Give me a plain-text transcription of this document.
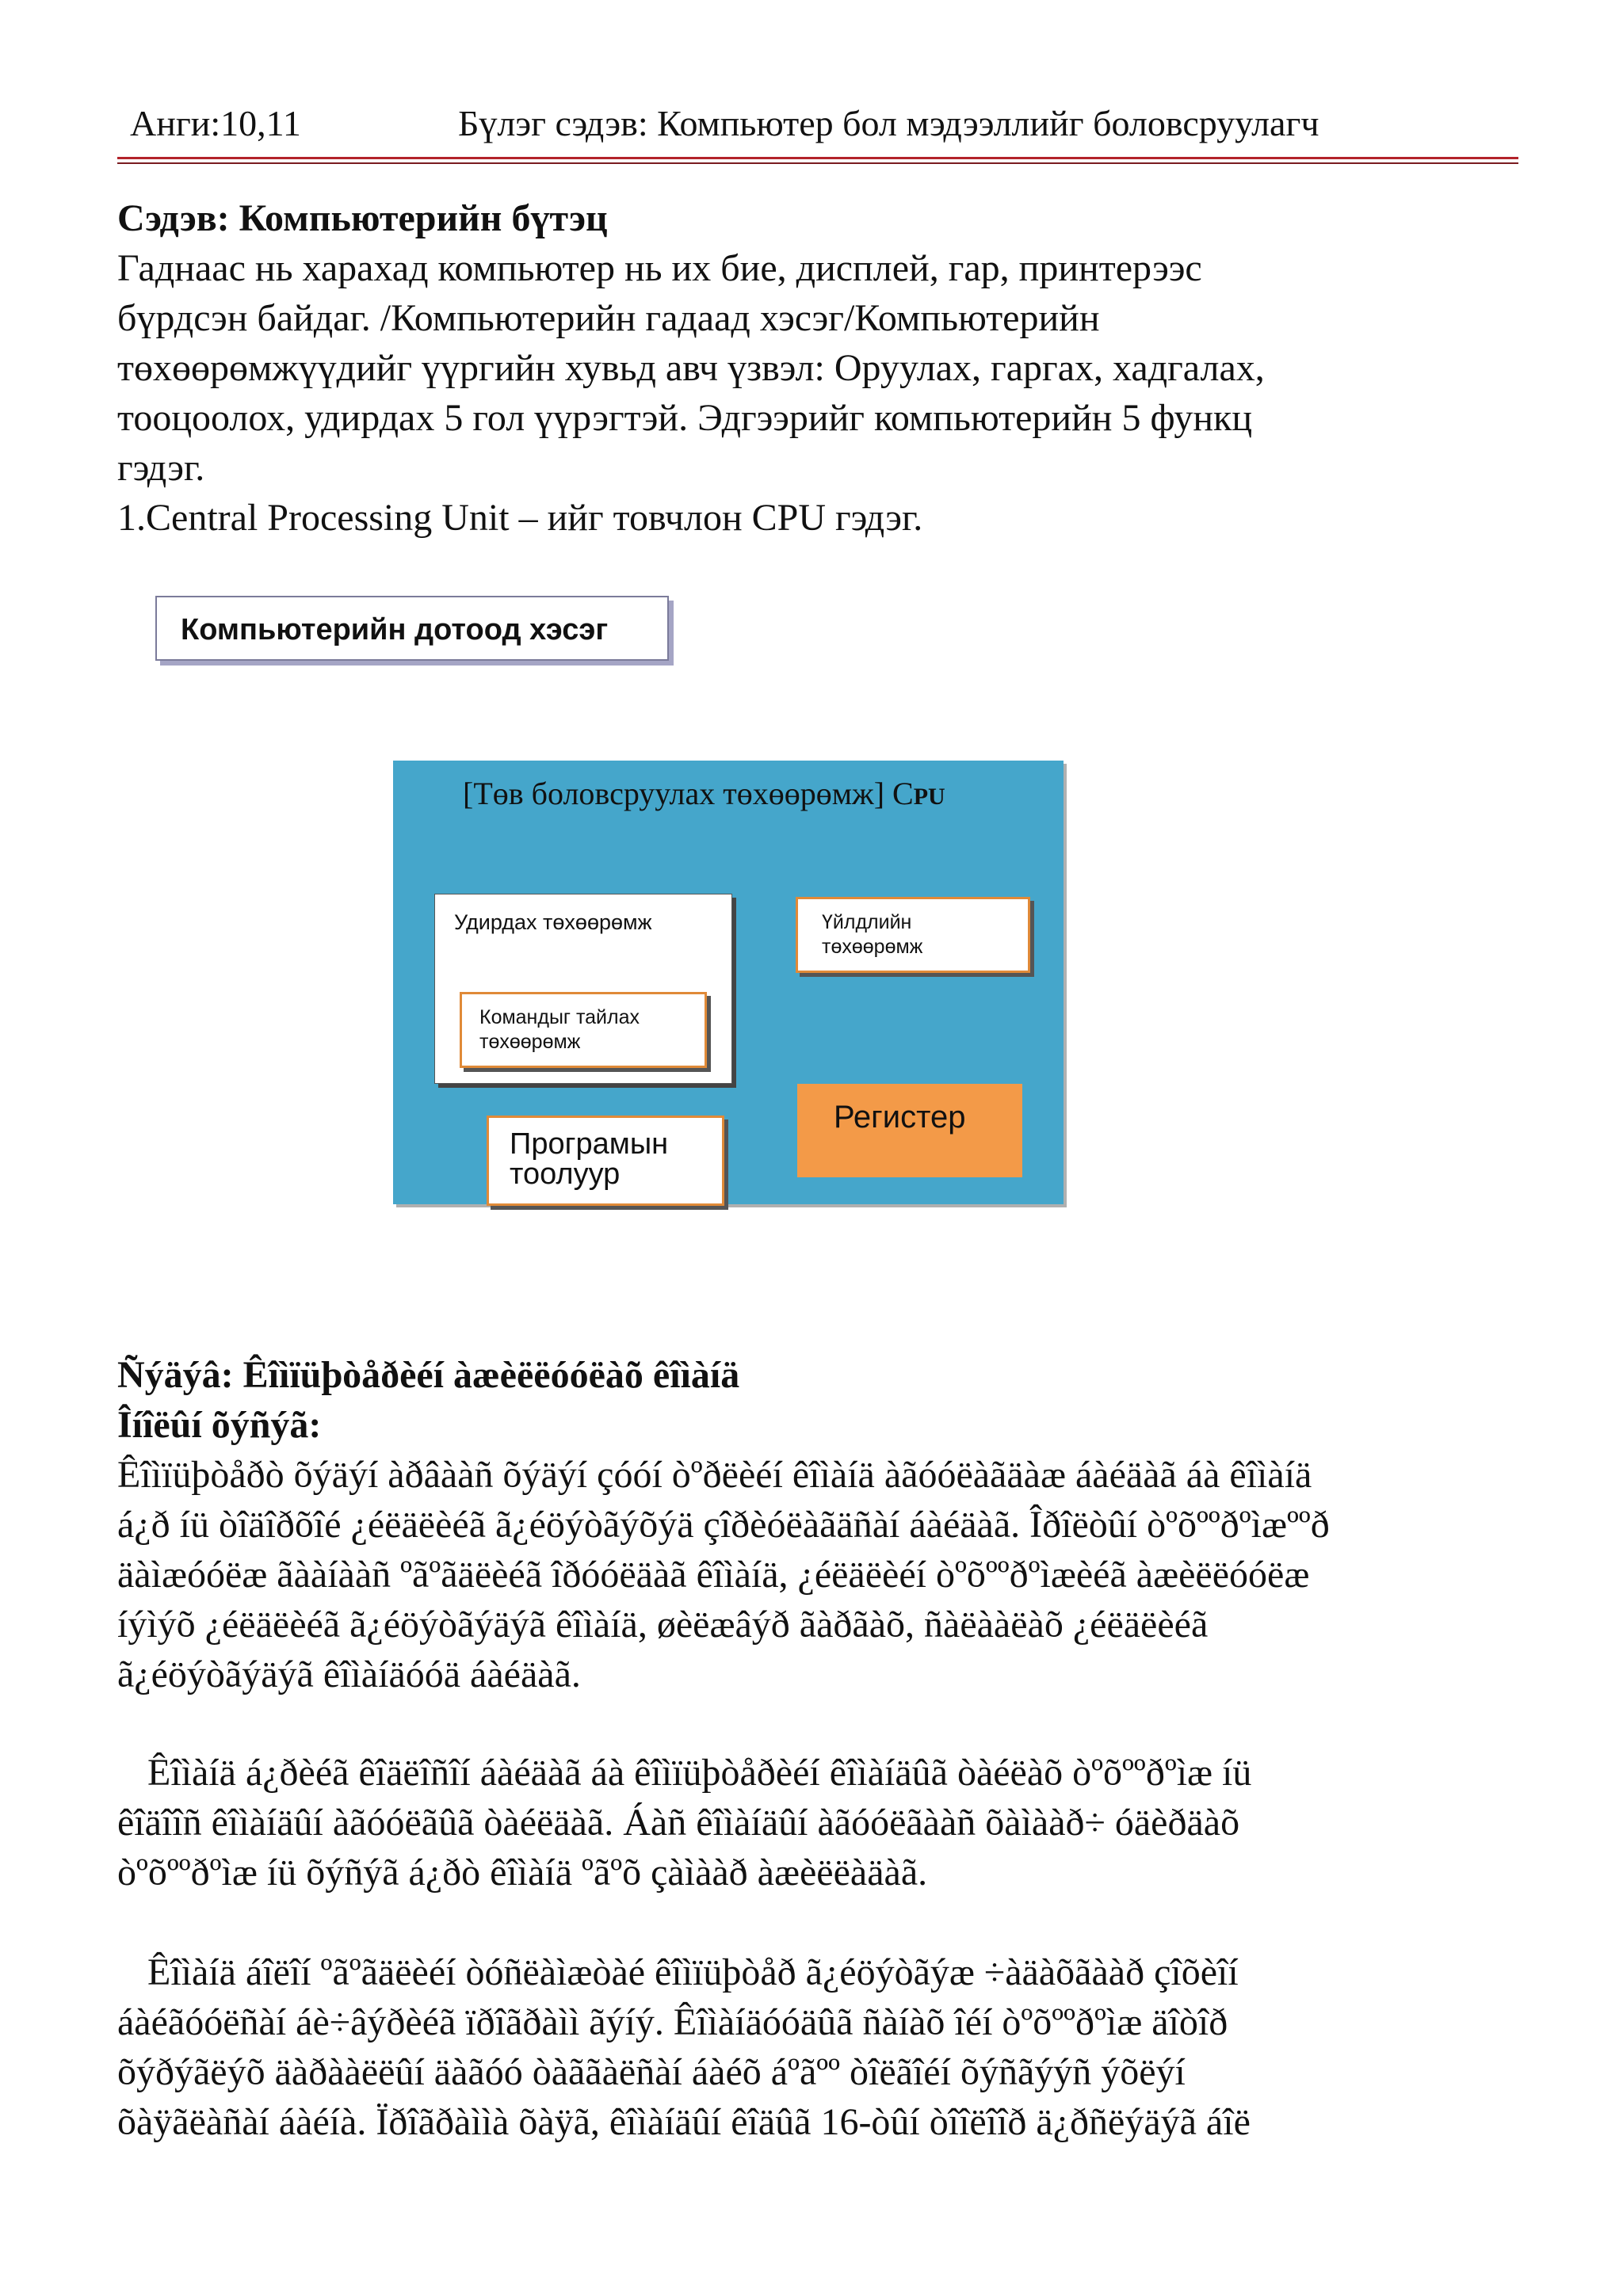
Анги:10,11	Бүлэг сэдэв: Компьютер бол мэдээллийг боловсруулагч

Сэдэв: Компьютерийн бүтэц

Гаднаас нь харахад компьютер нь их бие, дисплей, гар, принтерээс

бүрдсэн байдаг. /Компьютерийн гадаад хэсэг/Компьютерийн

төхөөрөмжүүдийг үүргийн хувьд авч үзвэл: Оруулах, гаргах, хадгалах,

тооцоолох, удирдах 5 гол үүрэгтэй. Эдгээрийг компьютерийн 5 функц

гэдэг.

1.Central Processing Unit – ийг товчлон CPU гэдэг.

Компьютерийн дотоод хэсэг
[Төв боловсруулах төхөөрөмж] CPU
Удирдах төхөөрөмж
Командыг тайлах
төхөөрөмж
Үйлдлийн
төхөөрөмж
Програмын
тоолуур
Регистер

Ñýäýâ: Êîìïüþòåðèéí àæèëëóóëàõ êîìàíä

Îíîëûí õýñýã:

Êîìïüþòåðò õýäýí àðâààñ õýäýí çóóí òºðëèéí êîìàíä àãóóëàãäàæ áàéäàã áà êîìàíä

á¿ð íü òîäîðõîé ¿éëäëèéã ã¿éöýòãýõýä çîðèóëàãäñàí áàéäàã. Îðîëòûí òºõººðºìæººð

äàìæóóëæ ãààíààñ ºãºãäëèéã îðóóëäàã êîìàíä, ¿éëäëèéí òºõººðºìæèéã àæèëëóóëæ

íýìýõ ¿éëäëèéã ã¿éöýòãýäýã êîìàíä, øèëæâýð ãàðãàõ, ñàëààëàõ ¿éëäëèéã

ã¿éöýòãýäýã êîìàíäóóä áàéäàã.

Êîìàíä á¿ðèéã êîäëîñîí áàéäàã áà êîìïüþòåðèéí êîìàíäûã òàéëàõ òºõººðºìæ íü

êîäîîñ êîìàíäûí àãóóëãûã òàéëäàã. Áàñ êîìàíäûí àãóóëãààñ õàìààð÷ óäèðäàõ

òºõººðºìæ íü õýñýã á¿ðò êîìàíä ºãºõ çàìààð àæèëëàäàã.

Êîìàíä áîëîí ºãºãäëèéí òóñëàìæòàé êîìïüþòåð ã¿éöýòãýæ ÷àäàõãààð çîõèîí

áàéãóóëñàí áè÷âýðèéã ïðîãðàìì ãýíý. Êîìàíäóóäûã ñàíàõ îéí òºõººðºìæ äîòîð

õýðýãëýõ äàðààëëûí äàãóó òàããàëñàí áàéõ áºãºº òîëãîéí õýñãýýñ ýõëýí

õàÿãëàñàí áàéíà. Ïðîãðàììà õàÿã, êîìàíäûí êîäûã 16-òûí òîîëîîð ä¿ðñëýäýã áîë
